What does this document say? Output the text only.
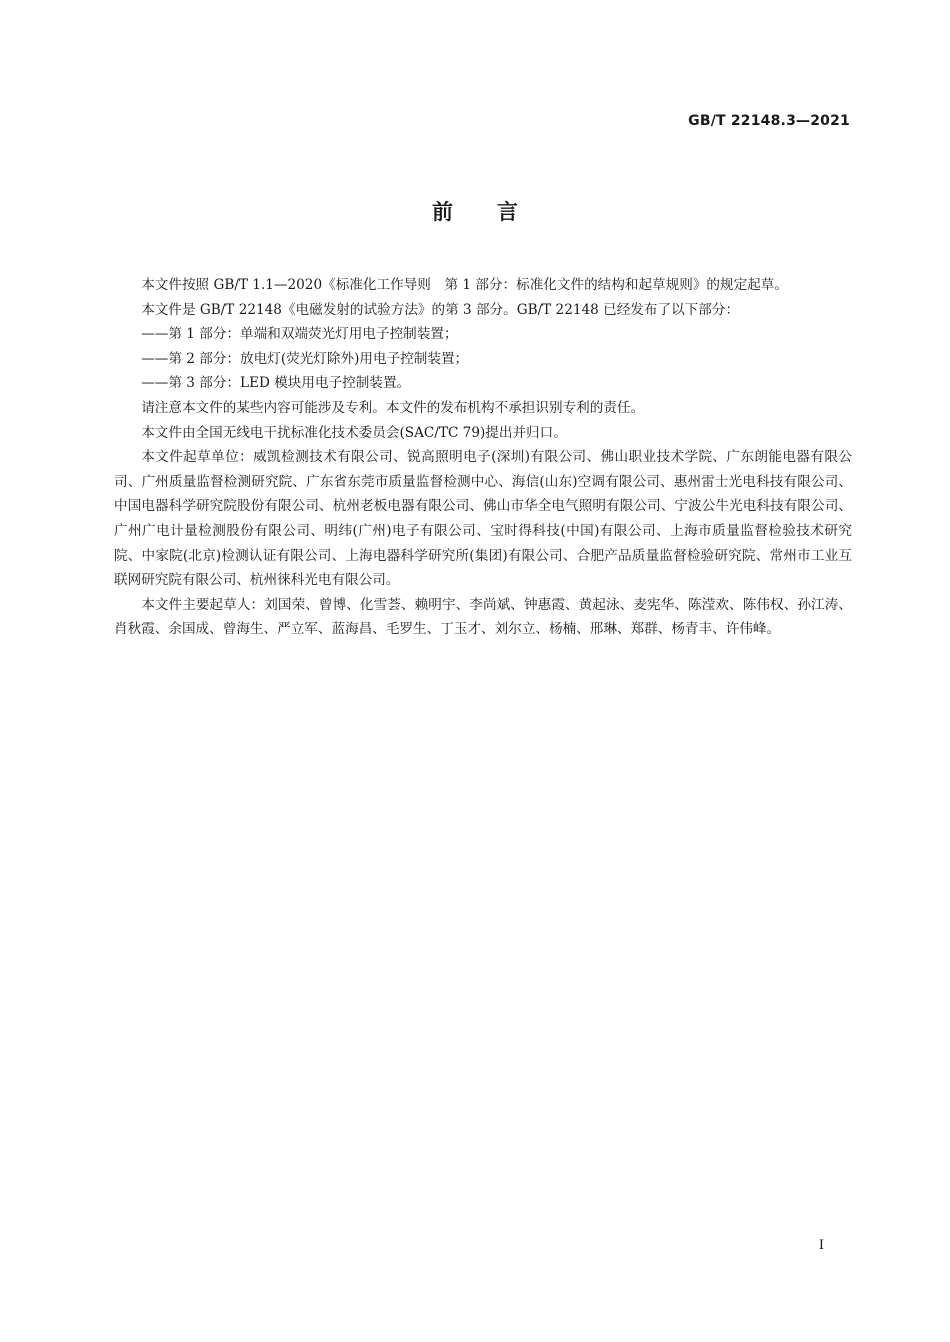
GB/T 22148.3—2021
前言

本文件按照 GB/T 1.1—2020《标准化工作导则　第 1 部分：标准化文件的结构和起草规则》的规定起草。

本文件是 GB/T 22148《电磁发射的试验方法》的第 3 部分。GB/T 22148 已经发布了以下部分：

——第 1 部分：单端和双端荧光灯用电子控制装置；

——第 2 部分：放电灯(荧光灯除外)用电子控制装置；

——第 3 部分：LED 模块用电子控制装置。

请注意本文件的某些内容可能涉及专利。本文件的发布机构不承担识别专利的责任。

本文件由全国无线电干扰标准化技术委员会(SAC/TC 79)提出并归口。

本文件起草单位：威凯检测技术有限公司、锐高照明电子(深圳)有限公司、佛山职业技术学院、广东朗能电器有限公司、广州质量监督检测研究院、广东省东莞市质量监督检测中心、海信(山东)空调有限公司、惠州雷士光电科技有限公司、中国电器科学研究院股份有限公司、杭州老板电器有限公司、佛山市华全电气照明有限公司、宁波公牛光电科技有限公司、广州广电计量检测股份有限公司、明纬(广州)电子有限公司、宝时得科技(中国)有限公司、上海市质量监督检验技术研究院、中家院(北京)检测认证有限公司、上海电器科学研究所(集团)有限公司、合肥产品质量监督检验研究院、常州市工业互联网研究院有限公司、杭州徕科光电有限公司。

本文件主要起草人：刘国荣、曾博、化雪荟、赖明宇、李尚斌、钟惠霞、黄起泳、麦宪华、陈滢欢、陈伟权、孙江涛、肖秋霞、余国成、曾海生、严立军、蓝海昌、毛罗生、丁玉才、刘尔立、杨楠、邢琳、郑群、杨青丰、许伟峰。

I
